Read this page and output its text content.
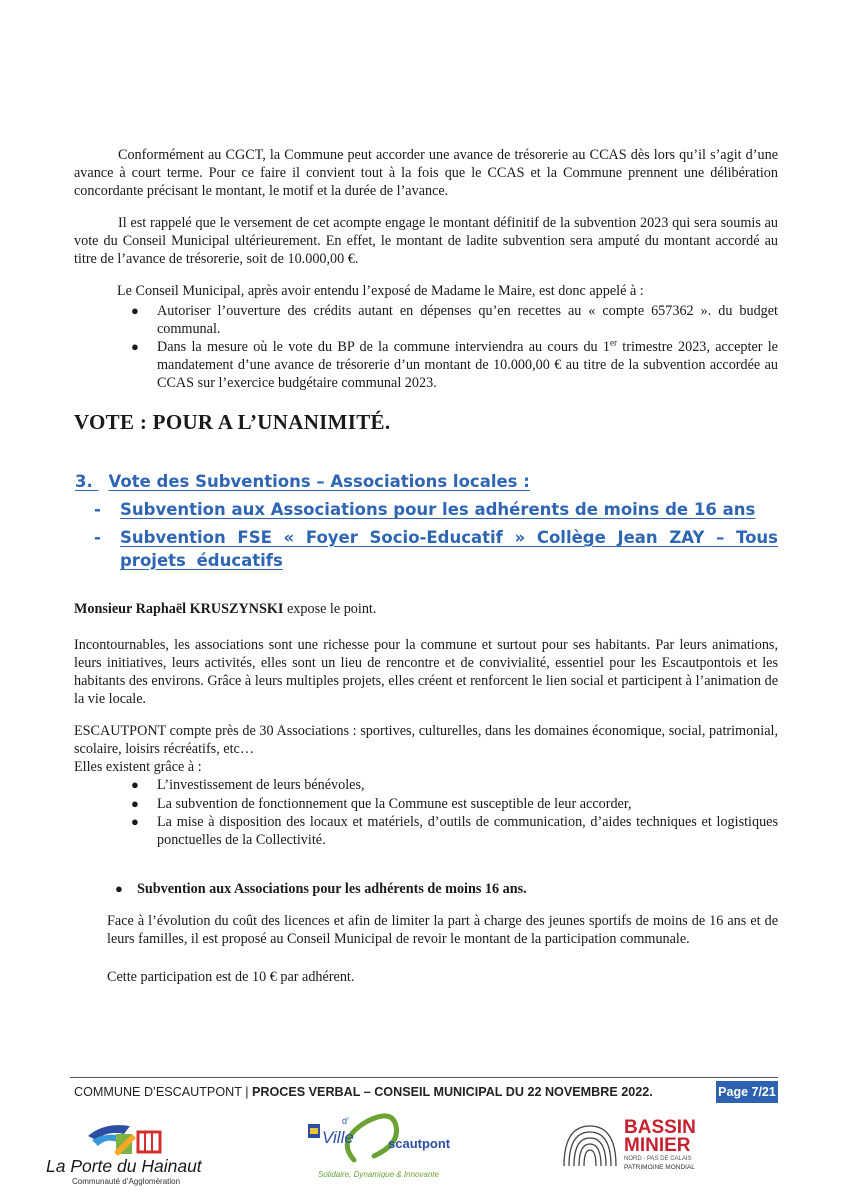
Conformément au CGCT, la Commune peut accorder une avance de trésorerie au CCAS dès lors qu’il s’agit d’une avance à court terme. Pour ce faire il convient tout à la fois que le CCAS et la Commune prennent une délibération concordante précisant le montant, le motif et la durée de l’avance.

Il est rappelé que le versement de cet acompte engage le montant définitif de la subvention 2023 qui sera soumis au vote du Conseil Municipal ultérieurement. En effet, le montant de ladite subvention sera amputé du montant accordé au titre de l’avance de trésorerie, soit de 10.000,00 €.

Le Conseil Municipal, après avoir entendu l’exposé de Madame le Maire, est donc appelé à :

● Autoriser l’ouverture des crédits autant en dépenses qu’en recettes au « compte 657362 ». du budget communal.
● Dans la mesure où le vote du BP de la commune interviendra au cours du 1er trimestre 2023, accepter le mandatement d’une avance de trésorerie d’un montant de 10.000,00 € au titre de la subvention accordée au CCAS sur l’exercice budgétaire communal 2023.
VOTE : POUR A L’UNANIMITÉ.
3. Vote des Subventions – Associations locales :
- Subvention aux Associations pour les adhérents de moins de 16 ans
- Subvention FSE « Foyer Socio-Educatif » Collège Jean ZAY – Tous projets éducatifs

Monsieur Raphaël KRUSZYNSKI expose le point.

Incontournables, les associations sont une richesse pour la commune et surtout pour ses habitants. Par leurs animations, leurs initiatives, leurs activités, elles sont un lieu de rencontre et de convivialité, essentiel pour les Escautpontois et les habitants des environs. Grâce à leurs multiples projets, elles créent et renforcent le lien social et participent à l’animation de la vie locale.

ESCAUTPONT compte près de 30 Associations : sportives, culturelles, dans les domaines économique, social, patrimonial, scolaire, loisirs récréatifs, etc…

Elles existent grâce à :

● L’investissement de leurs bénévoles,
● La subvention de fonctionnement que la Commune est susceptible de leur accorder,
● La mise à disposition des locaux et matériels, d’outils de communication, d’aides techniques et logistiques ponctuelles de la Collectivité.
● Subvention aux Associations pour les adhérents de moins 16 ans.

Face à l’évolution du coût des licences et afin de limiter la part à charge des jeunes sportifs de moins de 16 ans et de leurs familles, il est proposé au Conseil Municipal de revoir le montant de la participation communale.

Cette participation est de 10 € par adhérent.

COMMUNE D’ESCAUTPONT | PROCES VERBAL – CONSEIL MUNICIPAL DU 22 NOVEMBRE 2022.	Page 7/21
La Porte du Hainaut
Communauté d’Agglomération
Ville
d’
scautpont
Solidaire, Dynamique & Innovante
BASSIN
MINIER
NORD - PAS DE CALAIS
PATRIMOINE MONDIAL
